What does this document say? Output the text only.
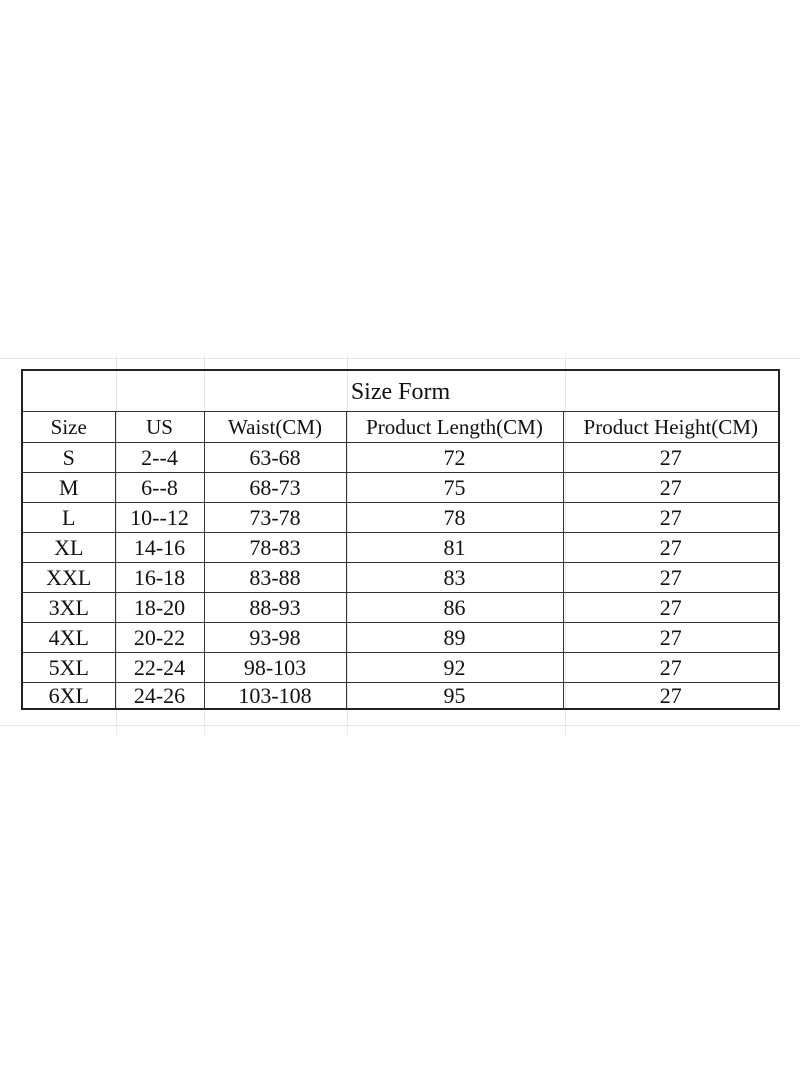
Size Form				
Size	US	Waist(CM)	Product Length(CM)	Product Height(CM)
S	2--4	63-68	72	27
M	6--8	68-73	75	27
L	10--12	73-78	78	27
XL	14-16	78-83	81	27
XXL	16-18	83-88	83	27
3XL	18-20	88-93	86	27
4XL	20-22	93-98	89	27
5XL	22-24	98-103	92	27
6XL	24-26	103-108	95	27
